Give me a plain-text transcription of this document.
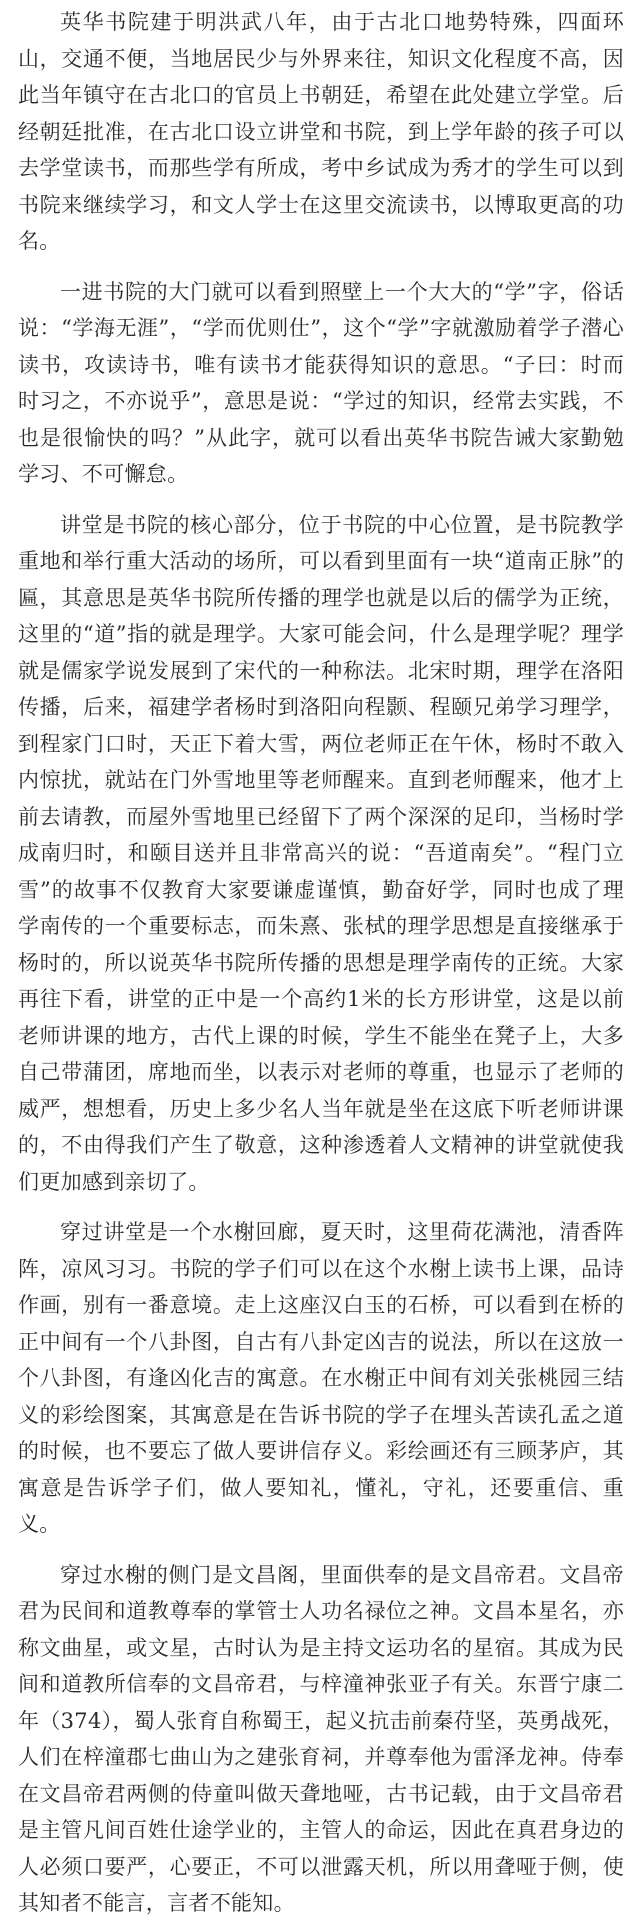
英华书院建于明洪武八年，由于古北口地势特殊，四面环山，交通不便，当地居民少与外界来往，知识文化程度不高，因此当年镇守在古北口的官员上书朝廷，希望在此处建立学堂。后经朝廷批准，在古北口设立讲堂和书院，到上学年龄的孩子可以去学堂读书，而那些学有所成，考中乡试成为秀才的学生可以到书院来继续学习，和文人学士在这里交流读书，以博取更高的功名。

一进书院的大门就可以看到照壁上一个大大的“学”字，俗话说：“学海无涯”，“学而优则仕”，这个“学”字就激励着学子潜心读书，攻读诗书，唯有读书才能获得知识的意思。“子曰：时而时习之，不亦说乎”，意思是说：“学过的知识，经常去实践，不也是很愉快的吗？”从此字，就可以看出英华书院告诫大家勤勉学习、不可懈怠。

讲堂是书院的核心部分，位于书院的中心位置，是书院教学重地和举行重大活动的场所，可以看到里面有一块“道南正脉”的匾，其意思是英华书院所传播的理学也就是以后的儒学为正统，这里的“道”指的就是理学。大家可能会问，什么是理学呢？理学就是儒家学说发展到了宋代的一种称法。北宋时期，理学在洛阳传播，后来，福建学者杨时到洛阳向程颢、程颐兄弟学习理学，到程家门口时，天正下着大雪，两位老师正在午休，杨时不敢入内惊扰，就站在门外雪地里等老师醒来。直到老师醒来，他才上前去请教，而屋外雪地里已经留下了两个深深的足印，当杨时学成南归时，和颐目送并且非常高兴的说：“吾道南矣”。“程门立雪”的故事不仅教育大家要谦虚谨慎，勤奋好学，同时也成了理学南传的一个重要标志，而朱熹、张栻的理学思想是直接继承于杨时的，所以说英华书院所传播的思想是理学南传的正统。大家再往下看，讲堂的正中是一个高约1米的长方形讲堂，这是以前老师讲课的地方，古代上课的时候，学生不能坐在凳子上，大多自己带蒲团，席地而坐，以表示对老师的尊重，也显示了老师的威严，想想看，历史上多少名人当年就是坐在这底下听老师讲课的，不由得我们产生了敬意，这种渗透着人文精神的讲堂就使我们更加感到亲切了。

穿过讲堂是一个水榭回廊，夏天时，这里荷花满池，清香阵阵，凉风习习。书院的学子们可以在这个水榭上读书上课，品诗作画，别有一番意境。走上这座汉白玉的石桥，可以看到在桥的正中间有一个八卦图，自古有八卦定凶吉的说法，所以在这放一个八卦图，有逢凶化吉的寓意。在水榭正中间有刘关张桃园三结义的彩绘图案，其寓意是在告诉书院的学子在埋头苦读孔孟之道的时候，也不要忘了做人要讲信存义。彩绘画还有三顾茅庐，其寓意是告诉学子们，做人要知礼，懂礼，守礼，还要重信、重义。

穿过水榭的侧门是文昌阁，里面供奉的是文昌帝君。文昌帝君为民间和道教尊奉的掌管士人功名禄位之神。文昌本星名，亦称文曲星，或文星，古时认为是主持文运功名的星宿。其成为民间和道教所信奉的文昌帝君，与梓潼神张亚子有关。东晋宁康二年（374），蜀人张育自称蜀王，起义抗击前秦苻坚，英勇战死，人们在梓潼郡七曲山为之建张育祠，并尊奉他为雷泽龙神。侍奉在文昌帝君两侧的侍童叫做天聋地哑，古书记载，由于文昌帝君是主管凡间百姓仕途学业的，主管人的命运，因此在真君身边的人必须口要严，心要正，不可以泄露天机，所以用聋哑于侧，使其知者不能言，言者不能知。
